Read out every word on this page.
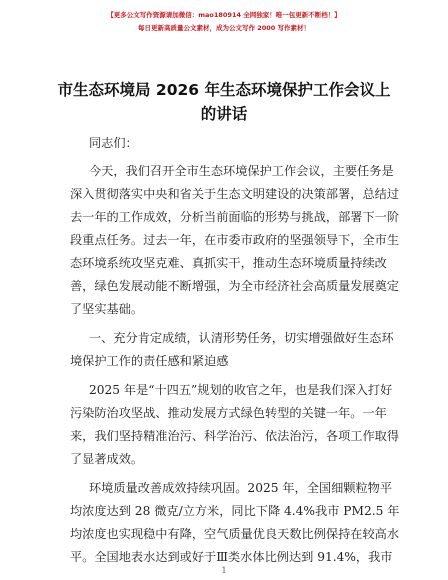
【更多公文写作资源请加微信：mao180914 全网独家！唯一包更新不断档！】
每日更新高质量公文素材，成为公文写作 2000 写作素材！
市生态环境局 2026 年生态环境保护工作会议上
的讲话
同志们：
今天，我们召开全市生态环境保护工作会议，主要任务是
深入贯彻落实中央和省关于生态文明建设的决策部署，总结过
去一年的工作成效，分析当前面临的形势与挑战，部署下一阶
段重点任务。过去一年，在市委市政府的坚强领导下，全市生
态环境系统攻坚克难、真抓实干，推动生态环境质量持续改
善，绿色发展动能不断增强，为全市经济社会高质量发展奠定
了坚实基础。
一、充分肯定成绩，认清形势任务，切实增强做好生态环
境保护工作的责任感和紧迫感
2025 年是“十四五”规划的收官之年，也是我们深入打好
污染防治攻坚战、推动发展方式绿色转型的关键一年。一年
来，我们坚持精准治污、科学治污、依法治污，各项工作取得
了显著成效。
环境质量改善成效持续巩固。2025 年，全国细颗粒物平
均浓度达到 28 微克/立方米，同比下降 4.4%我市 PM2.5 年
均浓度也实现稳中有降，空气质量优良天数比例保持在较高水
平。全国地表水达到或好于Ⅲ类水体比例达到 91.4%，我市
1
